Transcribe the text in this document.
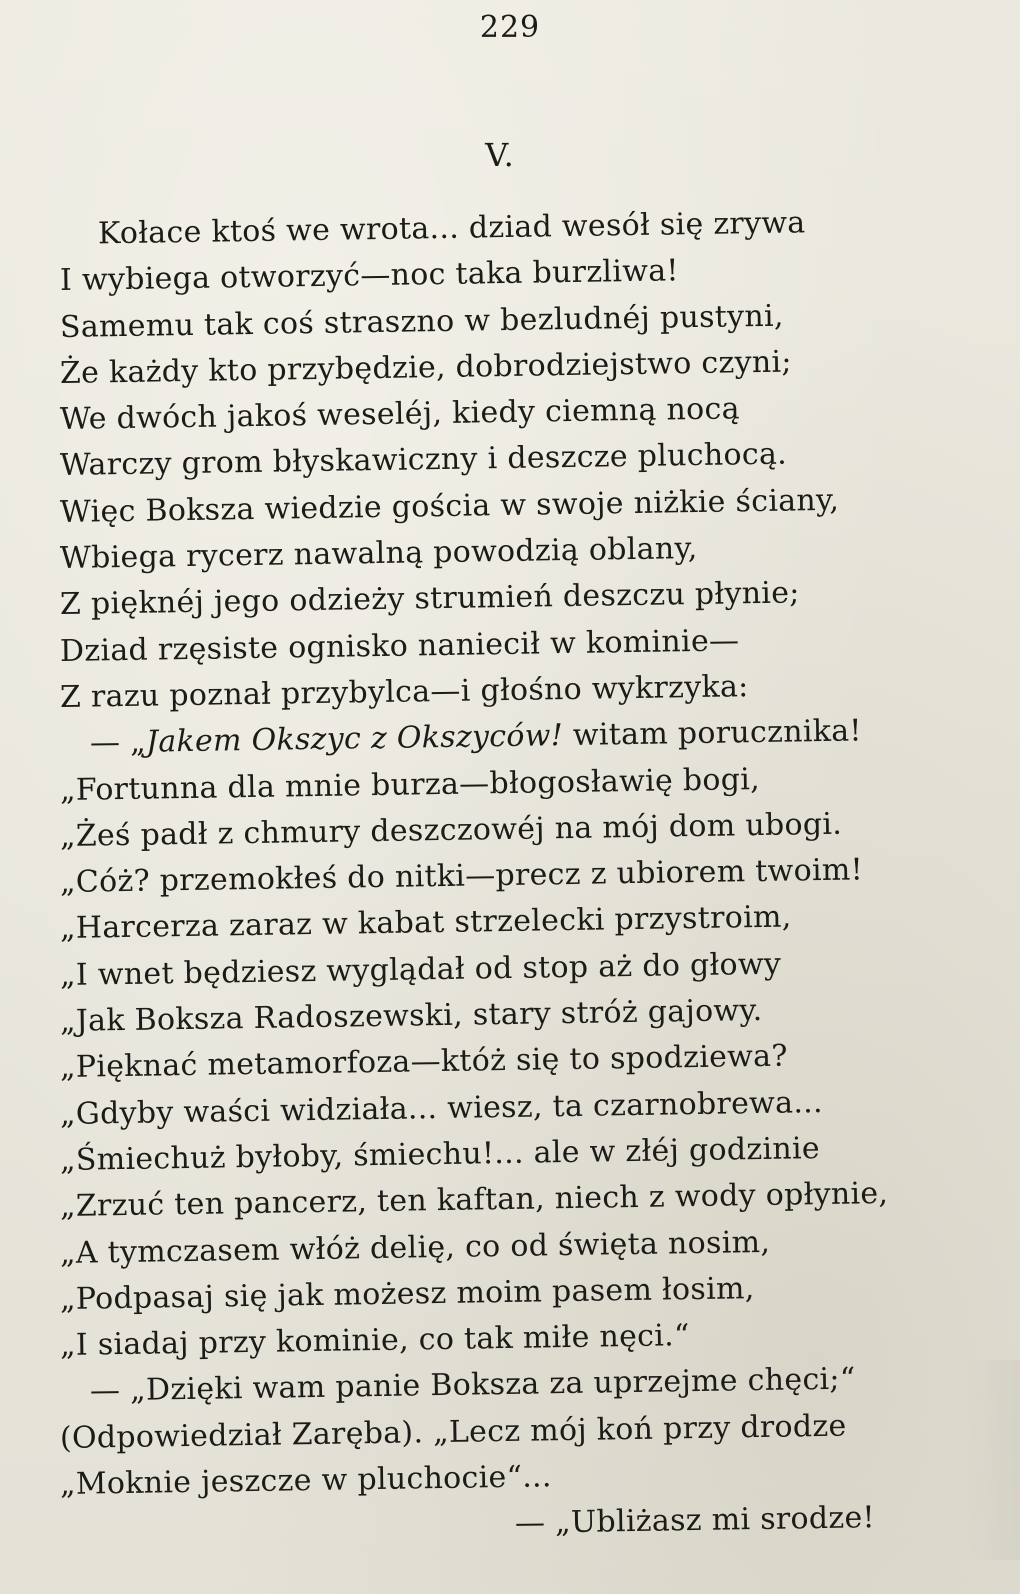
229
V.
Kołace ktoś we wrota... dziad wesół się zrywa
I wybiega otworzyć—noc taka burzliwa!
Samemu tak coś straszno w bezludnéj pustyni,
Że każdy kto przybędzie, dobrodziejstwo czyni;
We dwóch jakoś weseléj, kiedy ciemną nocą
Warczy grom błyskawiczny i deszcze pluchocą.
Więc Boksza wiedzie gościa w swoje niżkie ściany,
Wbiega rycerz nawalną powodzią oblany,
Z pięknéj jego odzieży strumień deszczu płynie;
Dziad rzęsiste ognisko naniecił w kominie—
Z razu poznał przybylca—i głośno wykrzyka:
— „Jakem Okszyc z Okszyców! witam porucznika!
„Fortunna dla mnie burza—błogosławię bogi,
„Żeś padł z chmury deszczowéj na mój dom ubogi.
„Cóż? przemokłeś do nitki—precz z ubiorem twoim!
„Harcerza zaraz w kabat strzelecki przystroim,
„I wnet będziesz wyglądał od stop aż do głowy
„Jak Boksza Radoszewski, stary stróż gajowy.
„Pięknać metamorfoza—któż się to spodziewa?
„Gdyby waści widziała... wiesz, ta czarnobrewa...
„Śmiechuż byłoby, śmiechu!... ale w złéj godzinie
„Zrzuć ten pancerz, ten kaftan, niech z wody opłynie,
„A tymczasem włóż delię, co od święta nosim,
„Podpasaj się jak możesz moim pasem łosim,
„I siadaj przy kominie, co tak miłe nęci.“
— „Dzięki wam panie Boksza za uprzejme chęci;“
(Odpowiedział Zaręba). „Lecz mój koń przy drodze
„Moknie jeszcze w pluchocie“...
— „Ubliżasz mi srodze!
